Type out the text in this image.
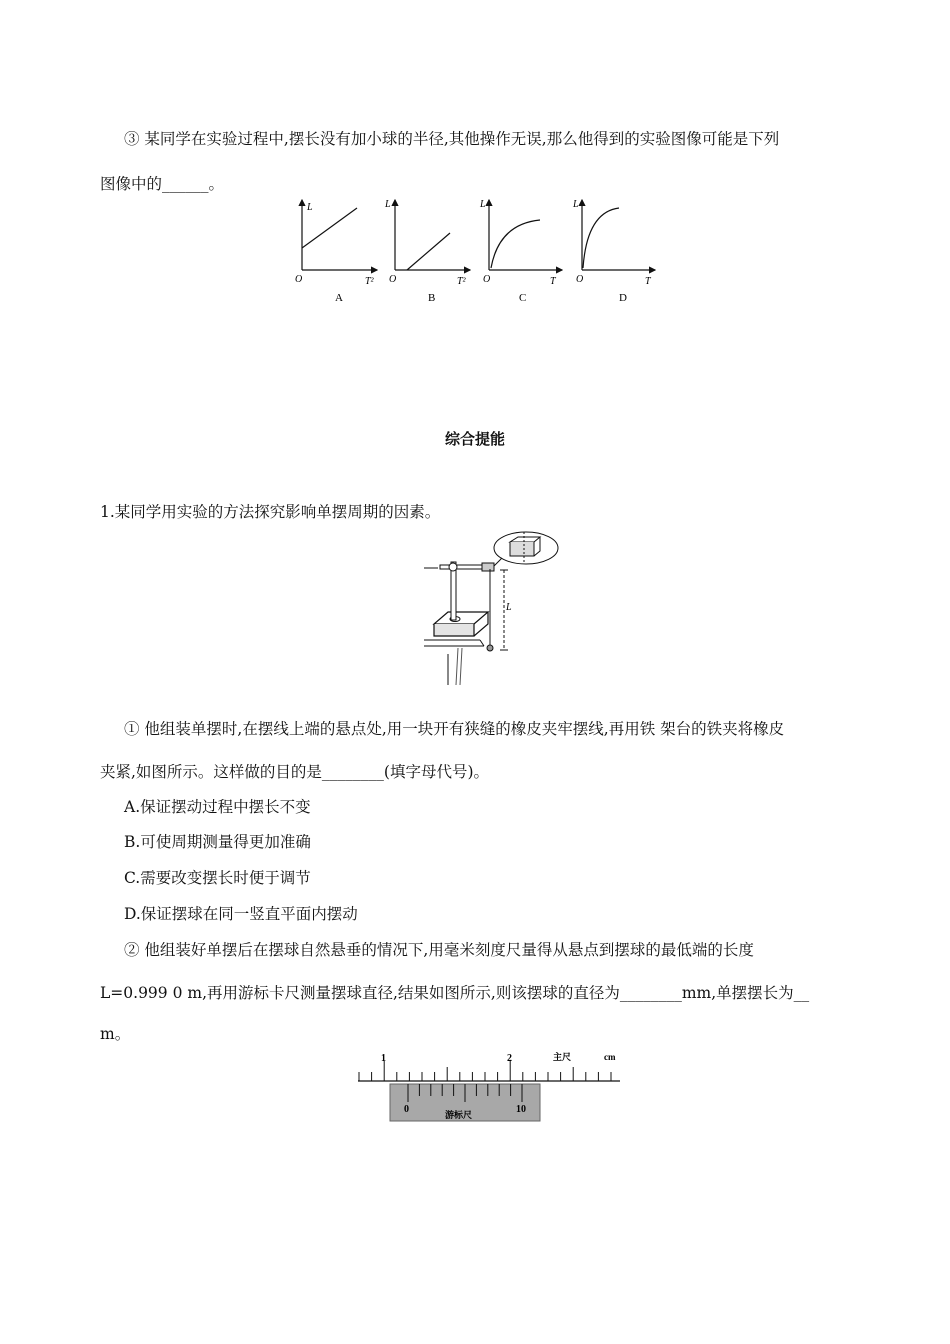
③ 某同学在实验过程中,摆长没有加小球的半径,其他操作无误,那么他得到的实验图像可能是下列
图像中的______。
L
O	T²
A
L
O	T²
B
L
O	T
C
L
O	T
D
综合提能
1.某同学用实验的方法探究影响单摆周期的因素。
L
① 他组装单摆时,在摆线上端的悬点处,用一块开有狭缝的橡皮夹牢摆线,再用铁 架台的铁夹将橡皮
夹紧,如图所示。这样做的目的是________(填字母代号)。
A.保证摆动过程中摆长不变
B.可使周期测量得更加准确
C.需要改变摆长时便于调节
D.保证摆球在同一竖直平面内摆动
② 他组装好单摆后在摆球自然悬垂的情况下,用毫米刻度尺量得从悬点到摆球的最低端的长度
L=0.999 0 m,再用游标卡尺测量摆球直径,结果如图所示,则该摆球的直径为________mm,单摆摆长为__
m。
1	2	主尺	cm
0	10
游标尺
